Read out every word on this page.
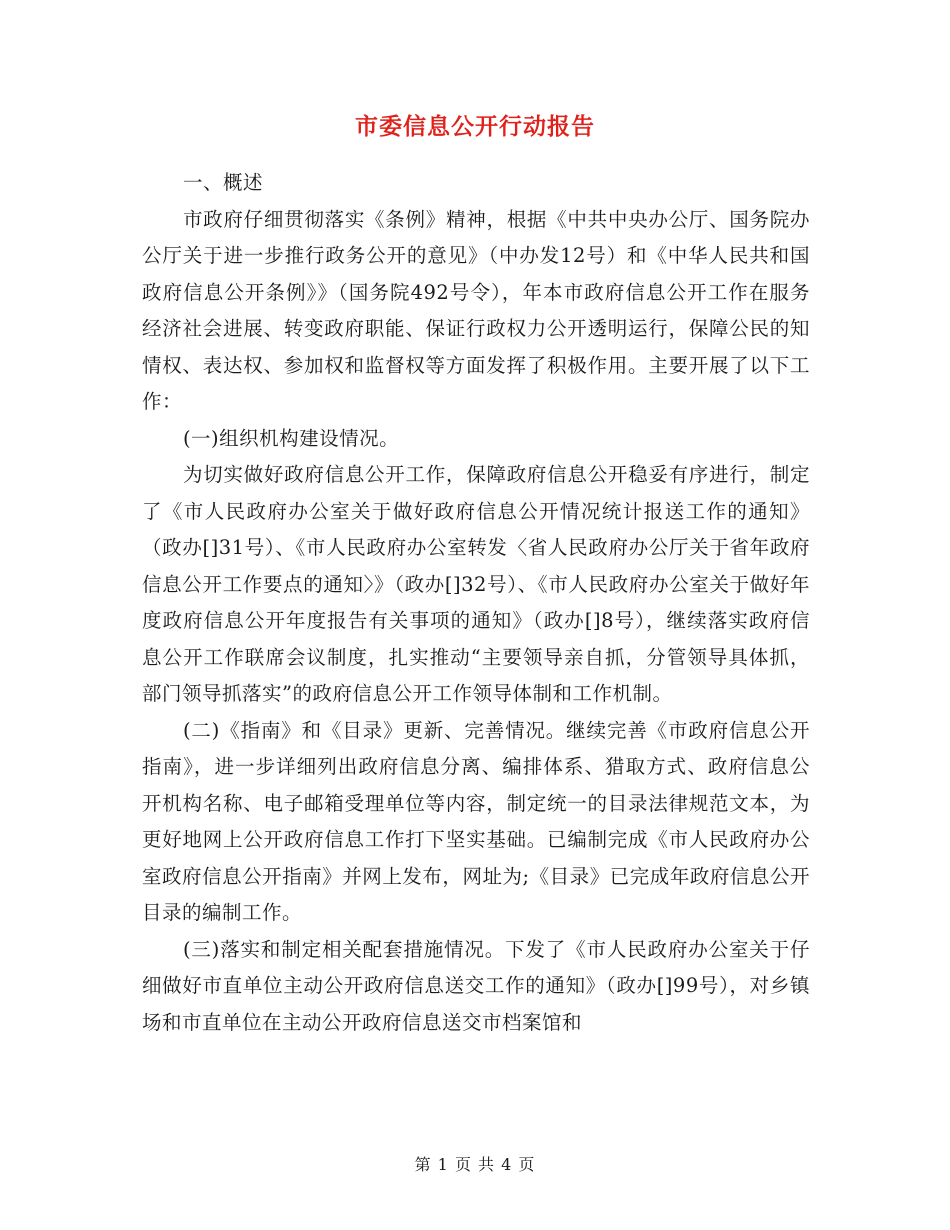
市委信息公开行动报告

一、概述

市政府仔细贯彻落实《条例》精神，根据《中共中央办公厅、国务院办公厅关于进一步推行政务公开的意见》（中办发12号）和《中华人民共和国政府信息公开条例》》（国务院492号令），年本市政府信息公开工作在服务经济社会进展、转变政府职能、保证行政权力公开透明运行，保障公民的知情权、表达权、参加权和监督权等方面发挥了积极作用。主要开展了以下工作：

(一)组织机构建设情况。

为切实做好政府信息公开工作，保障政府信息公开稳妥有序进行，制定了《市人民政府办公室关于做好政府信息公开情况统计报送工作的通知》（政办[]31号）、《市人民政府办公室转发〈省人民政府办公厅关于省年政府信息公开工作要点的通知〉》（政办[]32号）、《市人民政府办公室关于做好年度政府信息公开年度报告有关事项的通知》（政办[]8号），继续落实政府信息公开工作联席会议制度，扎实推动“主要领导亲自抓，分管领导具体抓，部门领导抓落实”的政府信息公开工作领导体制和工作机制。

(二)《指南》和《目录》更新、完善情况。继续完善《市政府信息公开指南》，进一步详细列出政府信息分离、编排体系、猎取方式、政府信息公开机构名称、电子邮箱受理单位等内容，制定统一的目录法律规范文本，为更好地网上公开政府信息工作打下坚实基础。已编制完成《市人民政府办公室政府信息公开指南》并网上发布，网址为;《目录》已完成年政府信息公开目录的编制工作。

(三)落实和制定相关配套措施情况。下发了《市人民政府办公室关于仔细做好市直单位主动公开政府信息送交工作的通知》（政办[]99号），对乡镇场和市直单位在主动公开政府信息送交市档案馆和

第 1 页 共 4 页
